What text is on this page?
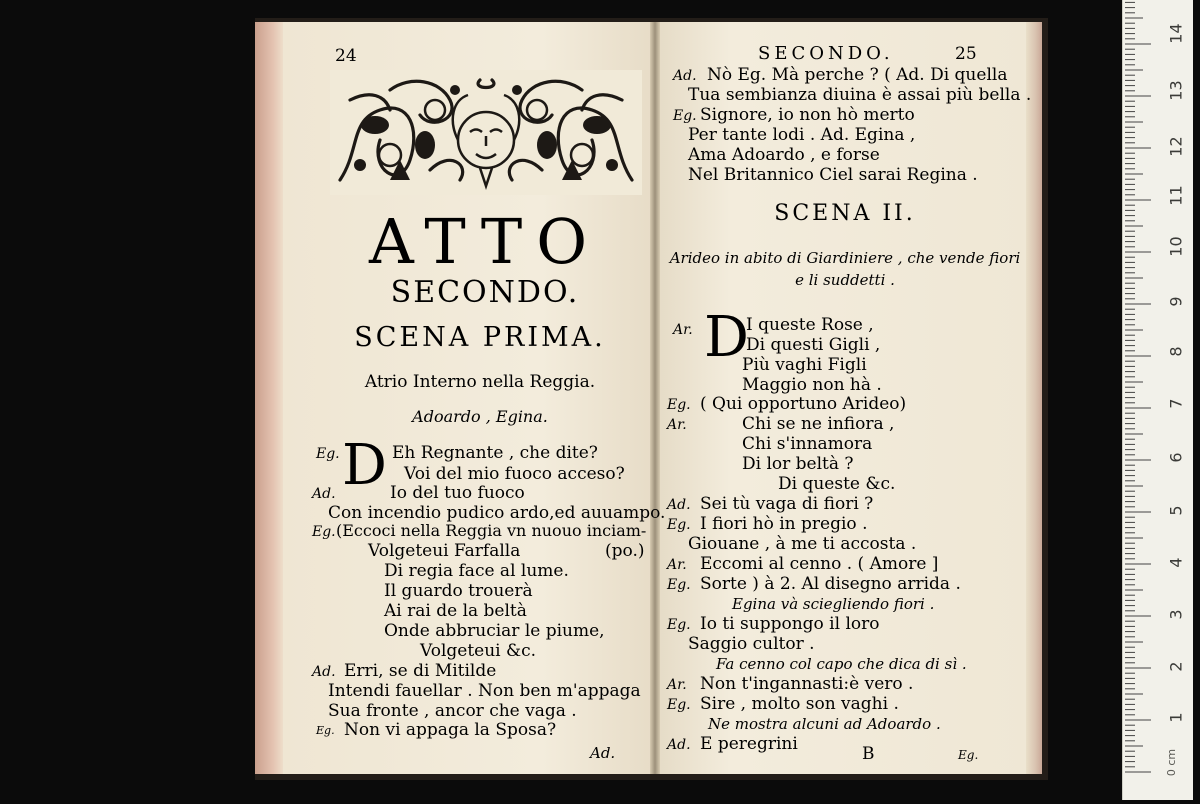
24
ATTO
SECONDO.
SCENA PRIMA.
Atrio Interno nella Reggia.
Adoardo , Egina.
D
Eg.	Eh Regnante , che dite?
Voi del mio fuoco acceso?
Ad.	Io del tuo fuoco
Con incendio pudico ardo,ed auuampo.
Eg. (Eccoci nella Reggia vn nuouo inciam-
Volgeteui Farfalla	(po.)
Di regia face al lume.
Il guardo trouerà
Ai rai de la beltà
Onde abbruciar le piume,
Volgeteui &c.
Ad. Erri, se di Mitilde
Intendi fauellar . Non ben m'appaga
Sua fronte , ancor che vaga .
Eg. Non vi appaga la Sposa?
Ad.
SECONDO.	25
Ad. Nò Eg. Mà perche ? ( Ad. Di quella
Tua sembianza diuina è assai più bella .
Eg. Signore, io non hò merto
Per tante lodi . Ad. Egina ,
Ama Adoardo , e forse
Nel Britannico Ciel sarai Regina .
SCENA II.
Arideo in abito di Giardiniere , che vende fiori
e li suddetti .
D
Ar.	I queste Rose ,
Di questi Gigli ,
Più vaghi Figli
Maggio non hà .
Eg. ( Qui opportuno Arideo)
Ar.	Chi se ne infiora ,
Chi s'innamora
Di lor beltà ?
Di queste &c.
Ad. Sei tù vaga di fiori ?
Eg. I fiori hò in pregio .
Giouane , à me ti accosta .
Ar. Eccomi al cenno . ( Amore ]
Eg. Sorte ) à 2. Al disegno arrida .
Egina và sciegliendo fiori .
Eg. Io ti suppongo il loro
Saggio cultor .
Fa cenno col capo che dica di sì .
Ar. Non t'ingannasti:è vero .
Eg. Sire , molto son vaghi .
Ne mostra alcuni ad Adoardo .
Ad. E peregrini	B	Eg.
14
13
12
11
10
9
8
7
6
5
4
3
2
1
0 cm
